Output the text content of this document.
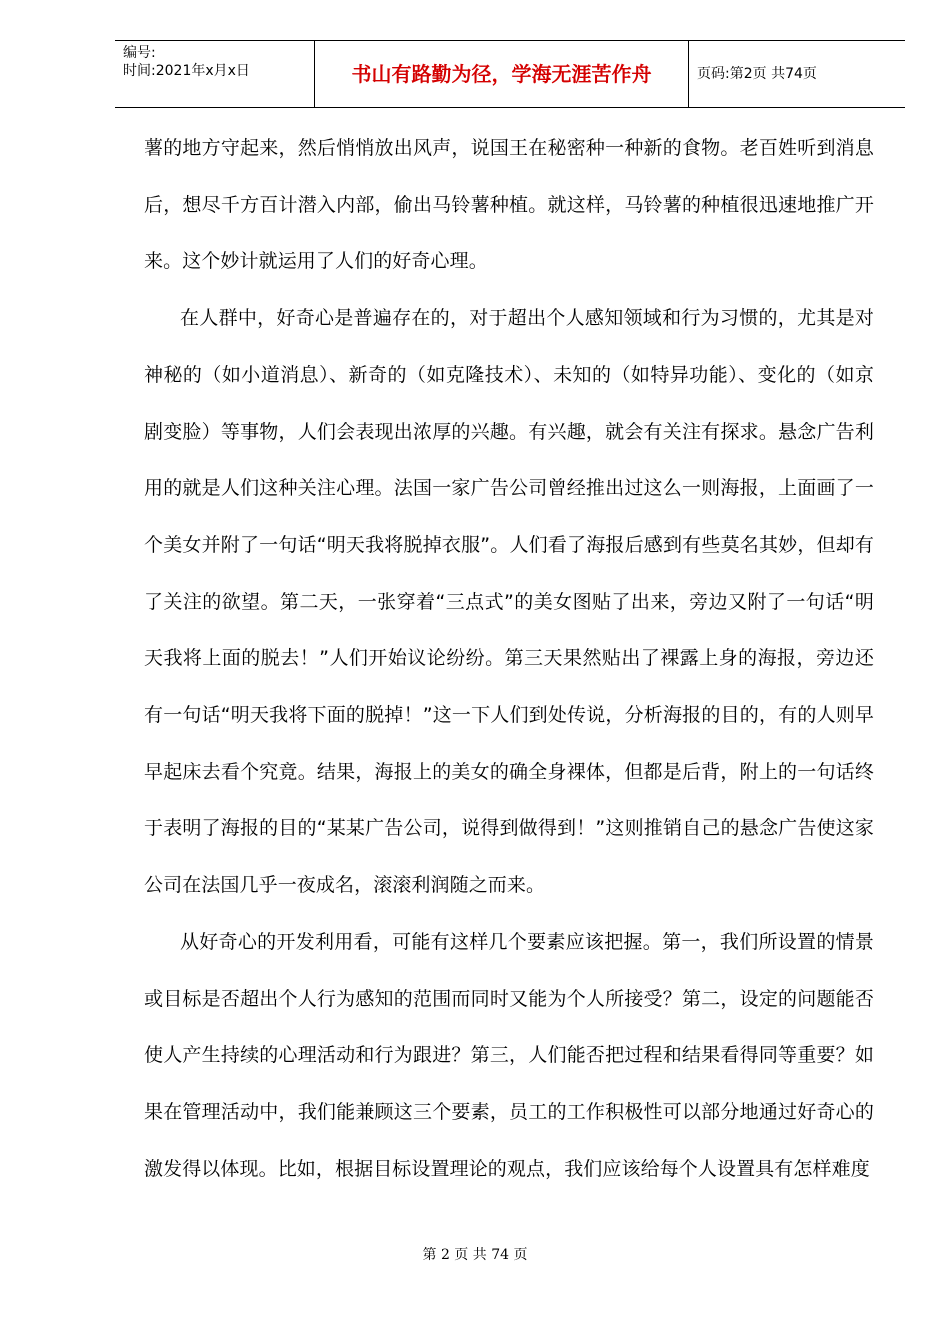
编号:
时间:2021年x月x日	书山有路勤为径，学海无涯苦作舟	页码:第2页 共74页

薯的地方守起来，然后悄悄放出风声，说国王在秘密种一种新的食物。老百姓听到消息后，想尽千方百计潜入内部，偷出马铃薯种植。就这样，马铃薯的种植很迅速地推广开来。这个妙计就运用了人们的好奇心理。

在人群中，好奇心是普遍存在的，对于超出个人感知领域和行为习惯的，尤其是对神秘的（如小道消息）、新奇的（如克隆技术）、未知的（如特异功能）、变化的（如京剧变脸）等事物，人们会表现出浓厚的兴趣。有兴趣，就会有关注有探求。悬念广告利用的就是人们这种关注心理。法国一家广告公司曾经推出过这么一则海报，上面画了一个美女并附了一句话“明天我将脱掉衣服”。人们看了海报后感到有些莫名其妙，但却有了关注的欲望。第二天，一张穿着“三点式”的美女图贴了出来，旁边又附了一句话“明天我将上面的脱去！”人们开始议论纷纷。第三天果然贴出了裸露上身的海报，旁边还有一句话“明天我将下面的脱掉！”这一下人们到处传说，分析海报的目的，有的人则早早起床去看个究竟。结果，海报上的美女的确全身裸体，但都是后背，附上的一句话终于表明了海报的目的“某某广告公司，说得到做得到！”这则推销自己的悬念广告使这家公司在法国几乎一夜成名，滚滚利润随之而来。

从好奇心的开发利用看，可能有这样几个要素应该把握。第一，我们所设置的情景或目标是否超出个人行为感知的范围而同时又能为个人所接受？第二，设定的问题能否使人产生持续的心理活动和行为跟进？第三，人们能否把过程和结果看得同等重要？如果在管理活动中，我们能兼顾这三个要素，员工的工作积极性可以部分地通过好奇心的激发得以体现。比如，根据目标设置理论的观点，我们应该给每个人设置具有怎样难度

第 2 页 共 74 页
